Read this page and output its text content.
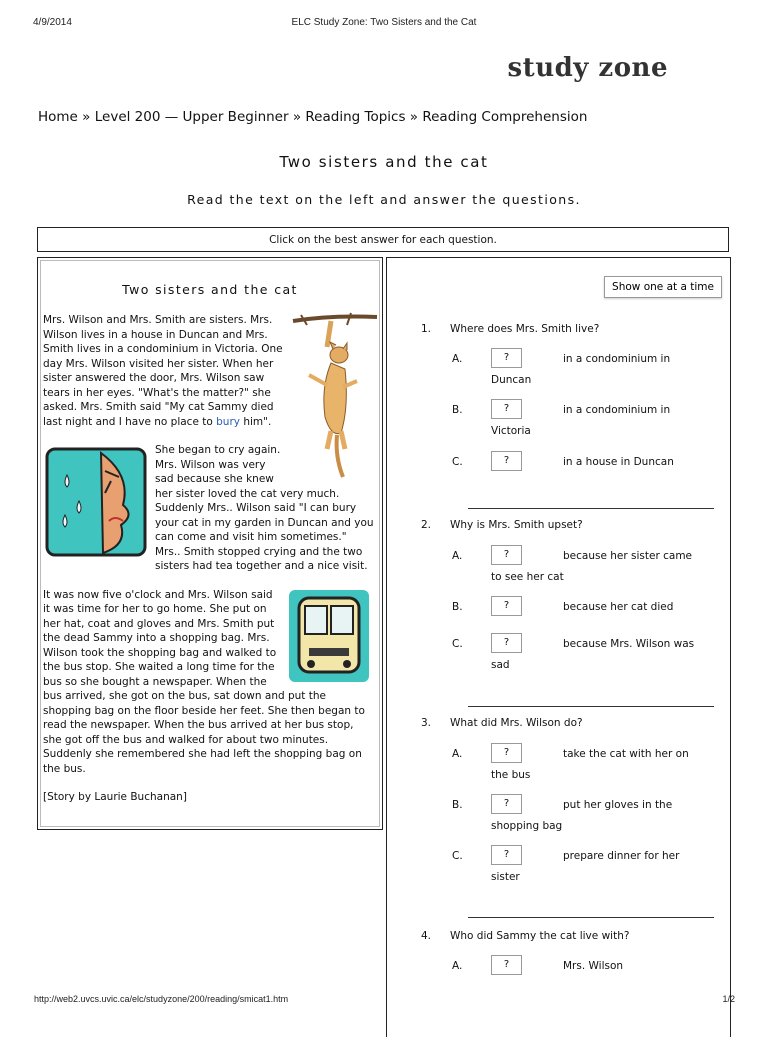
4/9/2014	ELC Study Zone: Two Sisters and the Cat
study zone
Home » Level 200 — Upper Beginner » Reading Topics » Reading Comprehension
Two sisters and the cat
Read the text on the left and answer the questions.
Click on the best answer for each question.
Two sisters and the cat

Mrs. Wilson and Mrs. Smith are sisters. Mrs. Wilson lives in a house in Duncan and Mrs. Smith lives in a condominium in Victoria. One day Mrs. Wilson visited her sister. When her sister answered the door, Mrs. Wilson saw tears in her eyes. "What's the matter?" she asked. Mrs. Smith said "My cat Sammy died last night and I have no place to bury him".

She began to cry again. Mrs. Wilson was very sad because she knew her sister loved the cat very much. Suddenly Mrs.. Wilson said "I can bury your cat in my garden in Duncan and you can come and visit him sometimes." Mrs.. Smith stopped crying and the two sisters had tea together and a nice visit.

It was now five o'clock and Mrs. Wilson said it was time for her to go home. She put on her hat, coat and gloves and Mrs. Smith put the dead Sammy into a shopping bag. Mrs. Wilson took the shopping bag and walked to the bus stop. She waited a long time for the bus so she bought a newspaper. When the bus arrived, she got on the bus, sat down and put the shopping bag on the floor beside her feet. She then began to read the newspaper. When the bus arrived at her bus stop, she got off the bus and walked for about two minutes. Suddenly she remembered she had left the shopping bag on the bus.

[Story by Laurie Buchanan]

Show one at a time
1. Where does Mrs. Smith live?
A.	?	in a condominium in Duncan
B.	?	in a condominium in Victoria
C.	?	in a house in Duncan
2. Why is Mrs. Smith upset?
A.	?	because her sister came to see her cat
B.	?	because her cat died
C.	?	because Mrs. Wilson was sad
3. What did Mrs. Wilson do?
A.	?	take the cat with her on the bus
B.	?	put her gloves in the shopping bag
C.	?	prepare dinner for her sister
4. Who did Sammy the cat live with?
A.	?	Mrs. Wilson
http://web2.uvcs.uvic.ca/elc/studyzone/200/reading/smicat1.htm	1/2
